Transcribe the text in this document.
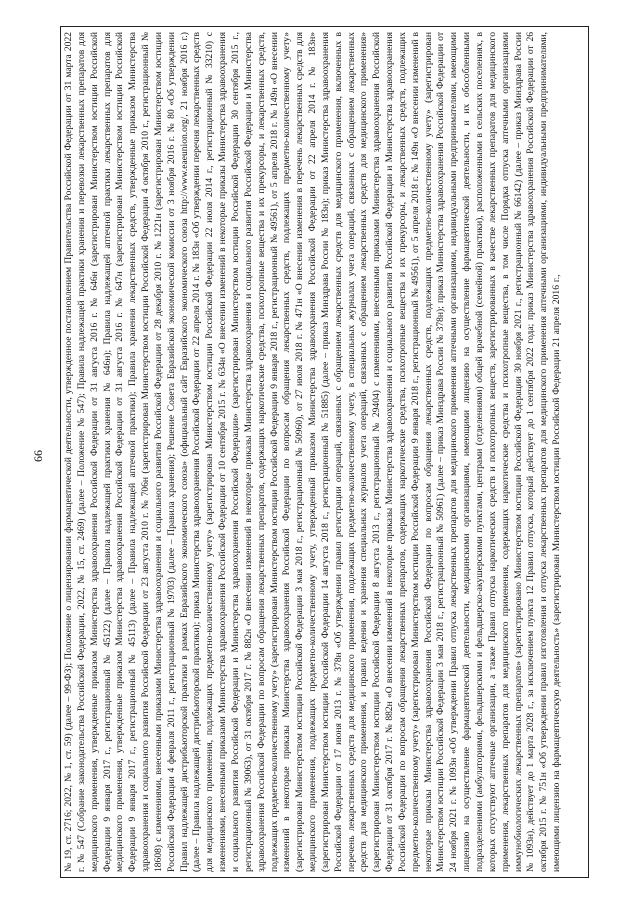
66	№ 19, ст. 2716; 2022, № 1, ст. 59) (далее – 99-ФЗ); Положение о лицензировании фармацевтической деятельности, утвержденное постановлением Правительства Российской Федерации от 31 марта 2022 г. № 547 (Собрание законодательства Российской Федерации, 2022, № 15, ст. 2469) (далее – Положение № 547); Правила надлежащей практики хранения и перевозки лекарственных препаратов для медицинского применения, утвержденные приказом Министерства здравоохранения Российской Федерации от 31 августа 2016 г. № 646н (зарегистрирован Министерством юстиции Российской Федерации 9 января 2017 г., регистрационный № 45122) (далее – Правила надлежащей практики хранения № 646н); Правила надлежащей аптечной практики лекарственных препаратов для медицинского применения, утвержденные приказом Министерства здравоохранения Российской Федерации от 31 августа 2016 г. № 647н (зарегистрирован Министерством юстиции Российской Федерации 9 января 2017 г., регистрационный № 45113) (далее – Правила надлежащей аптечной практики); Правила хранения лекарственных средств, утвержденные приказом Министерства здравоохранения и социального развития Российской Федерации от 23 августа 2010 г. № 706н (зарегистрирован Министерством юстиции Российской Федерации 4 октября 2010 г., регистрационный № 18608) с изменениями, внесенными приказами Министерства здравоохранения и социального развития Российской Федерации от 28 декабря 2010 г. № 1221н (зарегистрирован Министерством юстиции Российской Федерации 4 февраля 2011 г., регистрационный № 19703) (далее – Правила хранения); Решение Совета Евразийской экономической комиссии от 3 ноября 2016 г. № 80 «Об утверждении Правил надлежащей дистрибьюторской практики в рамках Евразийского экономического союза» (официальный сайт Евразийского экономического союза http://www.eaeunion.org/, 21 ноября 2016 г.) (далее – Правила надлежащей дистрибьюторской практики); приказ Министерства здравоохранения Российской Федерации от 22 апреля 2014 г. № 183н «Об утверждении перечня лекарственных средств для медицинского применения, подлежащих предметно-количественному учету» (зарегистрирован Министерством юстиции Российской Федерации 22 июля 2014 г., регистрационный № 33210) с изменениями, внесенными приказами Министерства здравоохранения Российской Федерации от 10 сентября 2015 г. № 634н «О внесении изменений в некоторые приказы Министерства здравоохранения и социального развития Российской Федерации и Министерства здравоохранения Российской Федерации» (зарегистрирован Министерством юстиции Российской Федерации 30 сентября 2015 г., регистрационный № 39063), от 31 октября 2017 г. № 882н «О внесении изменений в некоторые приказы Министерства здравоохранения и социального развития Российской Федерации и Министерства здравоохранения Российской Федерации по вопросам обращения лекарственных препаратов, содержащих наркотические средства, психотропные вещества и их прекурсоры, и лекарственных средств, подлежащих предметно-количественному учету» (зарегистрирован Министерством юстиции Российской Федерации 9 января 2018 г., регистрационный № 49561), от 5 апреля 2018 г. № 149н «О внесении изменений в некоторые приказы Министерства здравоохранения Российской Федерации по вопросам обращения лекарственных средств, подлежащих предметно-количественному учету» (зарегистрирован Министерством юстиции Российской Федерации 3 мая 2018 г., регистрационный № 50960), от 27 июля 2018 г. № 471н «О внесении изменения в перечень лекарственных средств для медицинского применения, подлежащих предметно-количественному учету, утвержденный приказом Министерства здравоохранения Российской Федерации от 22 апреля 2014 г. № 183н» (зарегистрирован Министерством юстиции Российской Федерации 14 августа 2018 г., регистрационный № 51885) (далее – приказ Минздрава России № 183н); приказ Министерства здравоохранения Российской Федерации от 17 июня 2013 г. № 378н «Об утверждении правил регистрации операций, связанных с обращением лекарственных средств для медицинского применения, включенных в перечень лекарственных средств для медицинского применения, подлежащих предметно-количественному учету, в специальных журналах учета операций, связанных с обращением лекарственных средств для медицинского применения, и правил ведения и хранения специальных журналов учета операций, связанных с обращением лекарственных средств для медицинского применения» (зарегистрирован Министерством юстиции Российской Федерации 8 августа 2013 г., регистрационный № 29404) с изменениями, внесенными приказами Министерства здравоохранения Российской Федерации от 31 октября 2017 г. № 882н «О внесении изменений в некоторые приказы Министерства здравоохранения и социального развития Российской Федерации и Министерства здравоохранения Российской Федерации по вопросам обращения лекарственных препаратов, содержащих наркотические средства, психотропные вещества и их прекурсоры, и лекарственных средств, подлежащих предметно-количественному учету» (зарегистрирован Министерством юстиции Российской Федерации 9 января 2018 г., регистрационный № 49561), от 5 апреля 2018 г. № 149н «О внесении изменений в некоторые приказы Министерства здравоохранения Российской Федерации по вопросам обращения лекарственных средств, подлежащих предметно-количественному учету» (зарегистрирован Министерством юстиции Российской Федерации 3 мая 2018 г., регистрационный № 50961) (далее – приказ Минздрава России № 378н); приказ Министерства здравоохранения Российской Федерации от 24 ноября 2021 г. № 1093н «Об утверждении Правил отпуска лекарственных препаратов для медицинского применения аптечными организациями, индивидуальными предпринимателями, имеющими лицензию на осуществление фармацевтической деятельности, медицинскими организациями, имеющими лицензию на осуществление фармацевтической деятельности, и их обособленными подразделениями (амбулаториями, фельдшерскими и фельдшерско-акушерскими пунктами, центрами (отделениями) общей врачебной (семейной) практики), расположенными в сельских поселениях, в которых отсутствуют аптечные организации, а также Правил отпуска наркотических средств и психотропных веществ, зарегистрированных в качестве лекарственных препаратов для медицинского применения, лекарственных препаратов для медицинского применения, содержащих наркотические средства и психотропные вещества, в том числе Порядка отпуска аптечными организациями иммунобиологических лекарственных препаратов» (зарегистрировано Министерством юстиции Российской Федерации 30 ноября 2021 г., регистрационный № 66142) (далее – приказ Минздрава России № 1093н), действует до 1 марта 2028 г., за исключением пункта 12 Правил отпуска, который действует до 1 сентября 2022 года; приказ Министерства здравоохранения Российской Федерации от 26 октября 2015 г. № 751н «Об утверждении правил изготовления и отпуска лекарственных препаратов для медицинского применения аптечными организациями, индивидуальными предпринимателями, имеющими лицензию на фармацевтическую деятельность» (зарегистрирован Министерством юстиции Российской Федерации 21 апреля 2016 г.,
